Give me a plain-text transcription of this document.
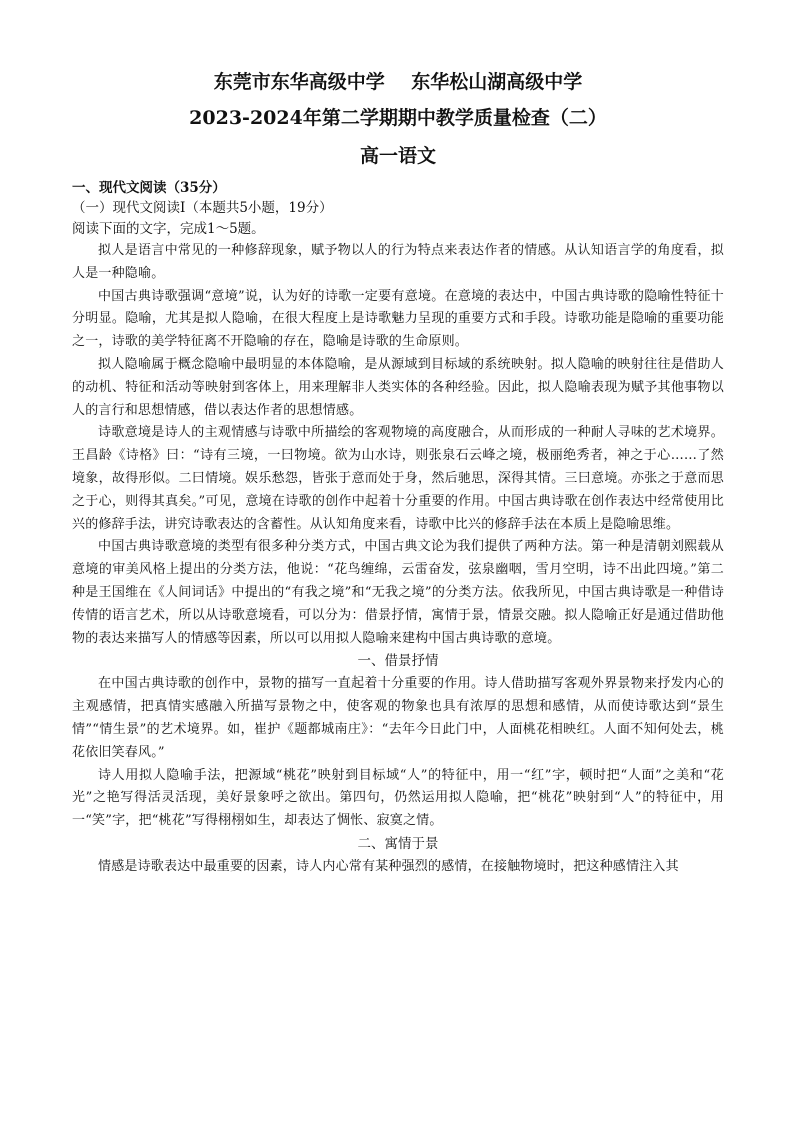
东莞市东华高级中学    东华松山湖高级中学

2023-2024年第二学期期中教学质量检查（二）

高一语文

一、现代文阅读（35分）

（一）现代文阅读Ⅰ（本题共5小题，19分）

阅读下面的文字，完成1～5题。

拟人是语言中常见的一种修辞现象，赋予物以人的行为特点来表达作者的情感。从认知语言学的角度看，拟人是一种隐喻。

中国古典诗歌强调“意境”说，认为好的诗歌一定要有意境。在意境的表达中，中国古典诗歌的隐喻性特征十分明显。隐喻，尤其是拟人隐喻，在很大程度上是诗歌魅力呈现的重要方式和手段。诗歌功能是隐喻的重要功能之一，诗歌的美学特征离不开隐喻的存在，隐喻是诗歌的生命原则。

拟人隐喻属于概念隐喻中最明显的本体隐喻，是从源域到目标域的系统映射。拟人隐喻的映射往往是借助人的动机、特征和活动等映射到客体上，用来理解非人类实体的各种经验。因此，拟人隐喻表现为赋予其他事物以人的言行和思想情感，借以表达作者的思想情感。

诗歌意境是诗人的主观情感与诗歌中所描绘的客观物境的高度融合，从而形成的一种耐人寻味的艺术境界。王昌龄《诗格》曰：“诗有三境，一曰物境。欲为山水诗，则张泉石云峰之境，极丽绝秀者，神之于心……了然境象，故得形似。二曰情境。娱乐愁怨，皆张于意而处于身，然后驰思，深得其情。三曰意境。亦张之于意而思之于心，则得其真矣。”可见，意境在诗歌的创作中起着十分重要的作用。中国古典诗歌在创作表达中经常使用比兴的修辞手法，讲究诗歌表达的含蓄性。从认知角度来看，诗歌中比兴的修辞手法在本质上是隐喻思维。

中国古典诗歌意境的类型有很多种分类方式，中国古典文论为我们提供了两种方法。第一种是清朝刘熙载从意境的审美风格上提出的分类方法，他说：“花鸟缠绵，云雷奋发，弦泉幽咽，雪月空明，诗不出此四境。”第二种是王国维在《人间词话》中提出的“有我之境”和“无我之境”的分类方法。依我所见，中国古典诗歌是一种借诗传情的语言艺术，所以从诗歌意境看，可以分为：借景抒情，寓情于景，情景交融。拟人隐喻正好是通过借助他物的表达来描写人的情感等因素，所以可以用拟人隐喻来建构中国古典诗歌的意境。

一、借景抒情

在中国古典诗歌的创作中，景物的描写一直起着十分重要的作用。诗人借助描写客观外界景物来抒发内心的主观感情，把真情实感融入所描写景物之中，使客观的物象也具有浓厚的思想和感情，从而使诗歌达到“景生情”“情生景”的艺术境界。如，崔护《题都城南庄》：“去年今日此门中，人面桃花相映红。人面不知何处去，桃花依旧笑春风。”

诗人用拟人隐喻手法，把源域“桃花”映射到目标域“人”的特征中，用一“红”字，顿时把“人面”之美和“花光”之艳写得活灵活现，美好景象呼之欲出。第四句，仍然运用拟人隐喻，把“桃花”映射到“人”的特征中，用一“笑”字，把“桃花”写得栩栩如生，却表达了惆怅、寂寞之情。

二、寓情于景

情感是诗歌表达中最重要的因素，诗人内心常有某种强烈的感情，在接触物境时，把这种感情注入其
